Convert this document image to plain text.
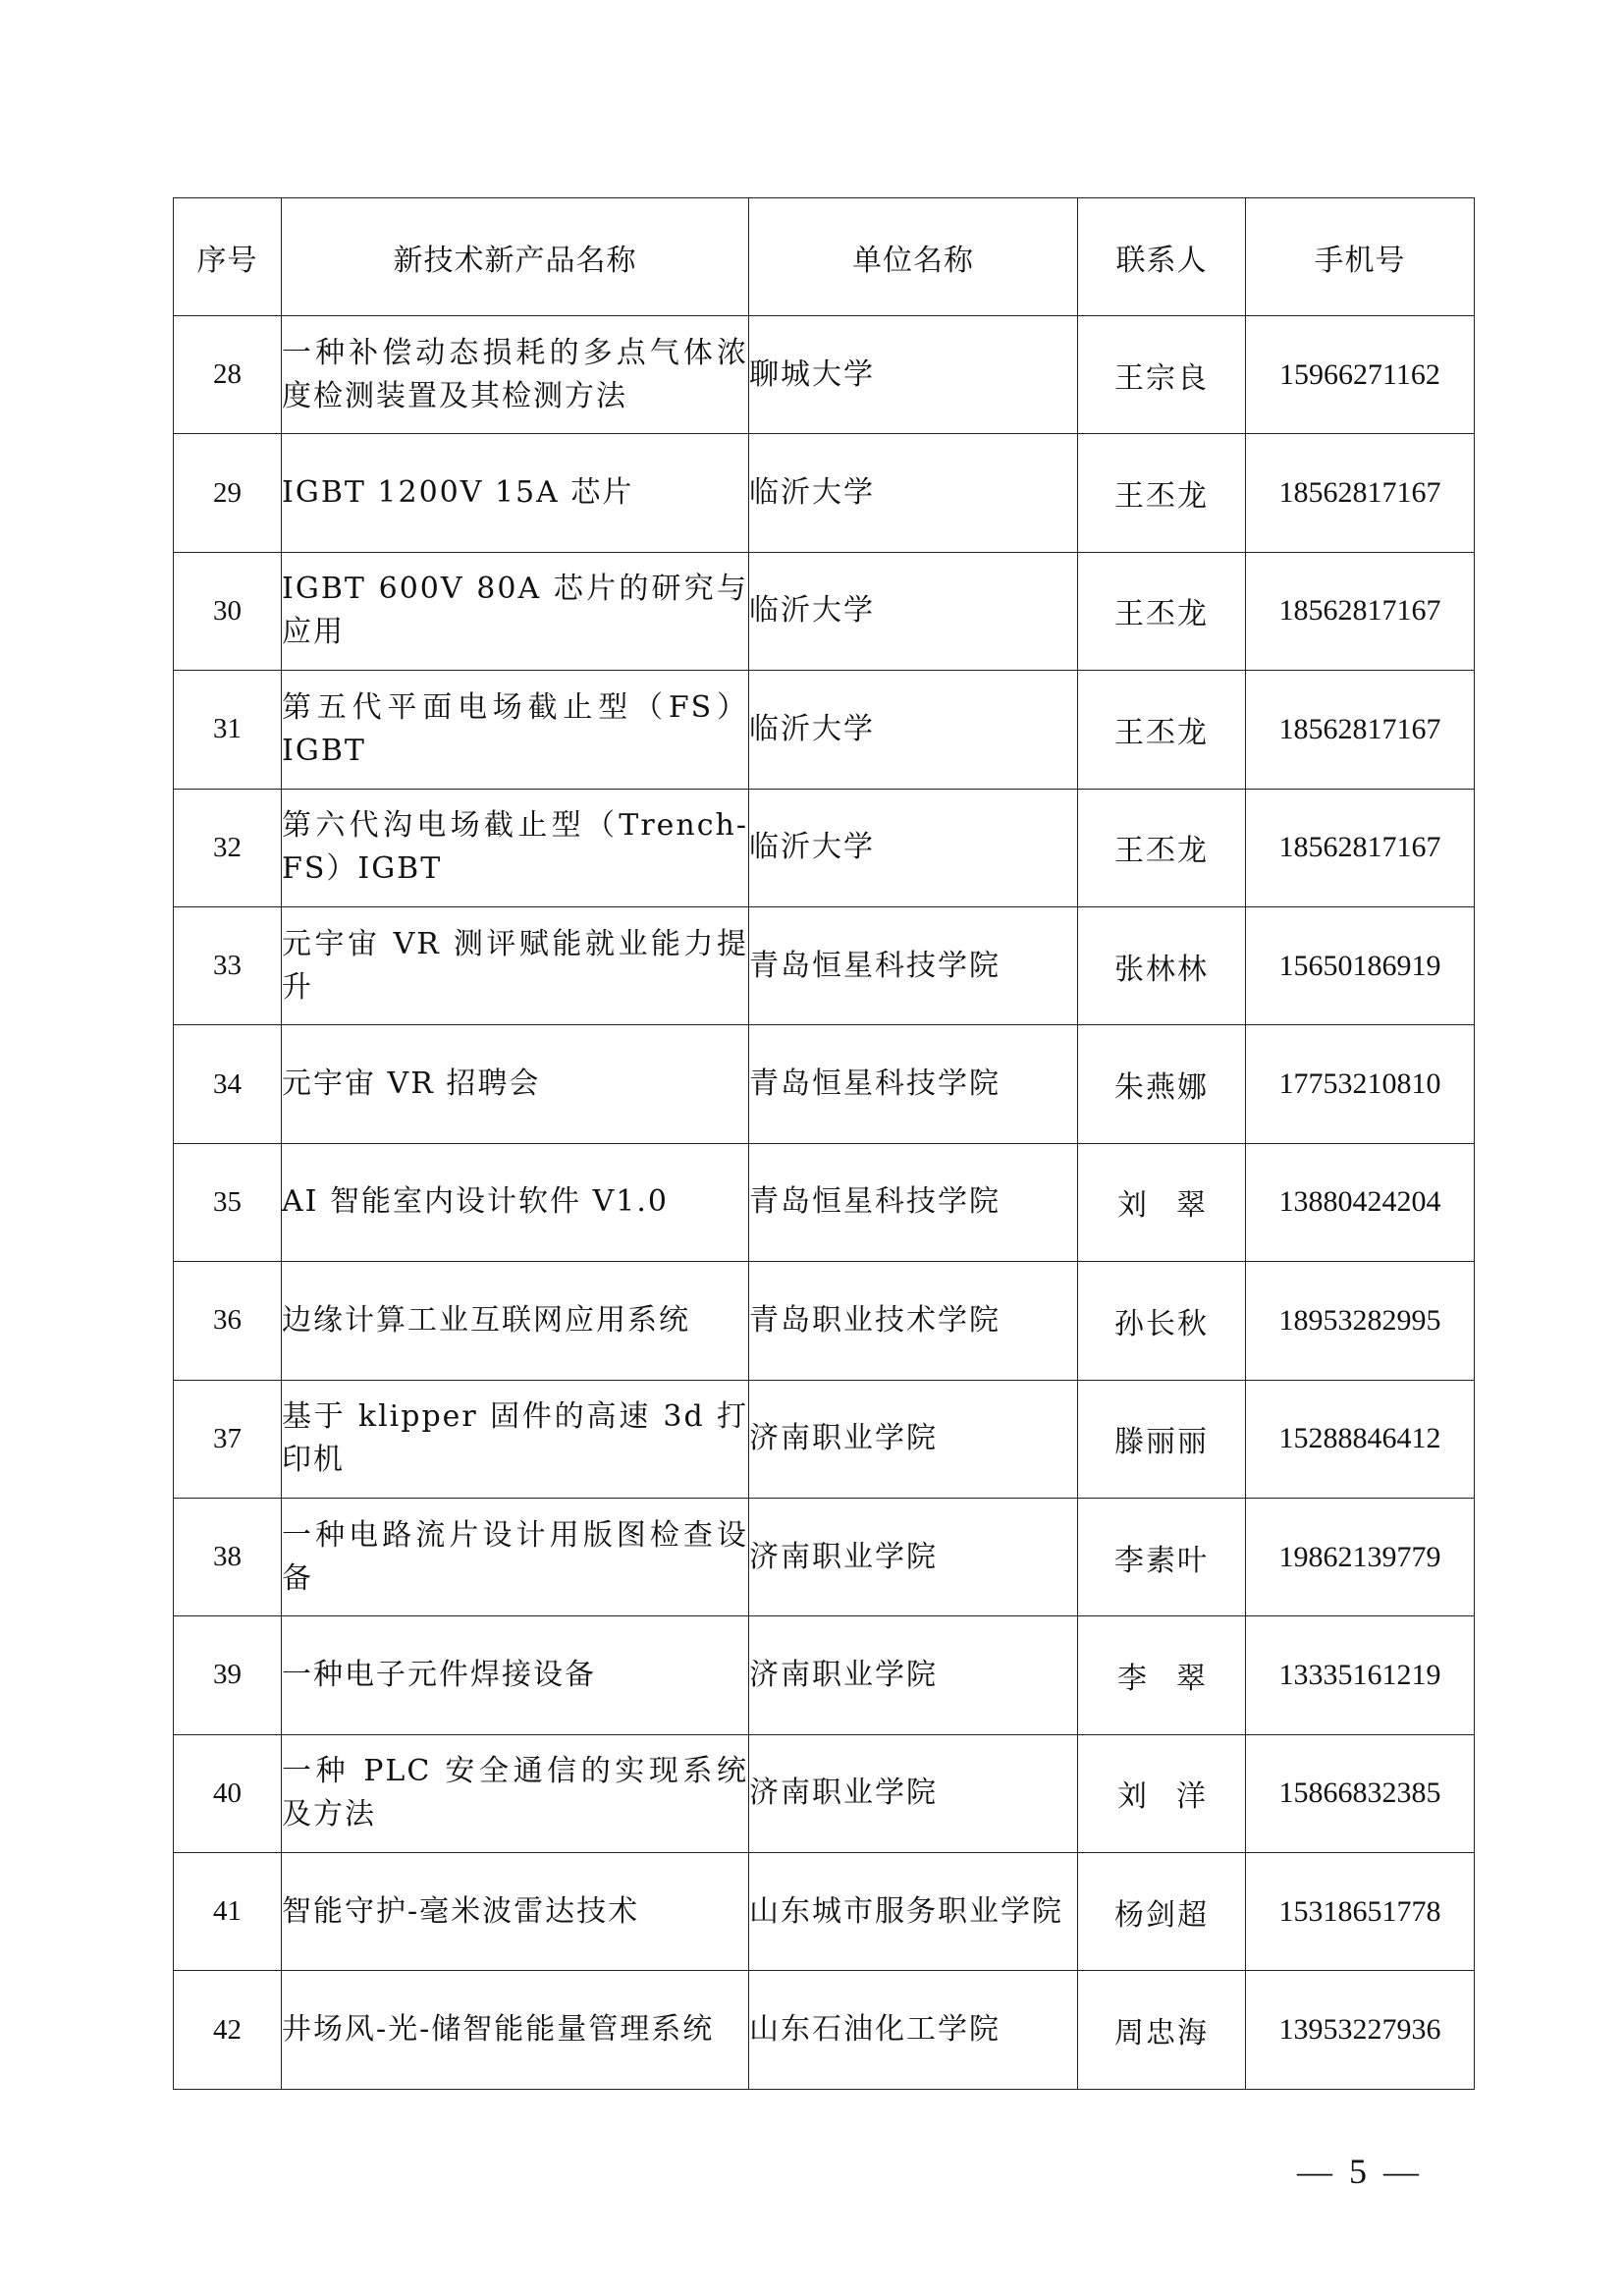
序号	新技术新产品名称	单位名称	联系人	手机号
28	一种补偿动态损耗的多点气体浓度检测装置及其检测方法	聊城大学	王宗良	15966271162
29	IGBT 1200V 15A 芯片	临沂大学	王丕龙	18562817167
30	IGBT 600V 80A 芯片的研究与应用	临沂大学	王丕龙	18562817167
31	第五代平面电场截止型（FS）IGBT	临沂大学	王丕龙	18562817167
32	第六代沟电场截止型（Trench-FS）IGBT	临沂大学	王丕龙	18562817167
33	元宇宙 VR 测评赋能就业能力提升	青岛恒星科技学院	张林林	15650186919
34	元宇宙 VR 招聘会	青岛恒星科技学院	朱燕娜	17753210810
35	AI 智能室内设计软件 V1.0	青岛恒星科技学院	刘翠	13880424204
36	边缘计算工业互联网应用系统	青岛职业技术学院	孙长秋	18953282995
37	基于 klipper 固件的高速 3d 打印机	济南职业学院	滕丽丽	15288846412
38	一种电路流片设计用版图检查设备	济南职业学院	李素叶	19862139779
39	一种电子元件焊接设备	济南职业学院	李翠	13335161219
40	一种 PLC 安全通信的实现系统及方法	济南职业学院	刘洋	15866832385
41	智能守护-毫米波雷达技术	山东城市服务职业学院	杨剑超	15318651778
42	井场风-光-储智能能量管理系统	山东石油化工学院	周忠海	13953227936
— 5 —
